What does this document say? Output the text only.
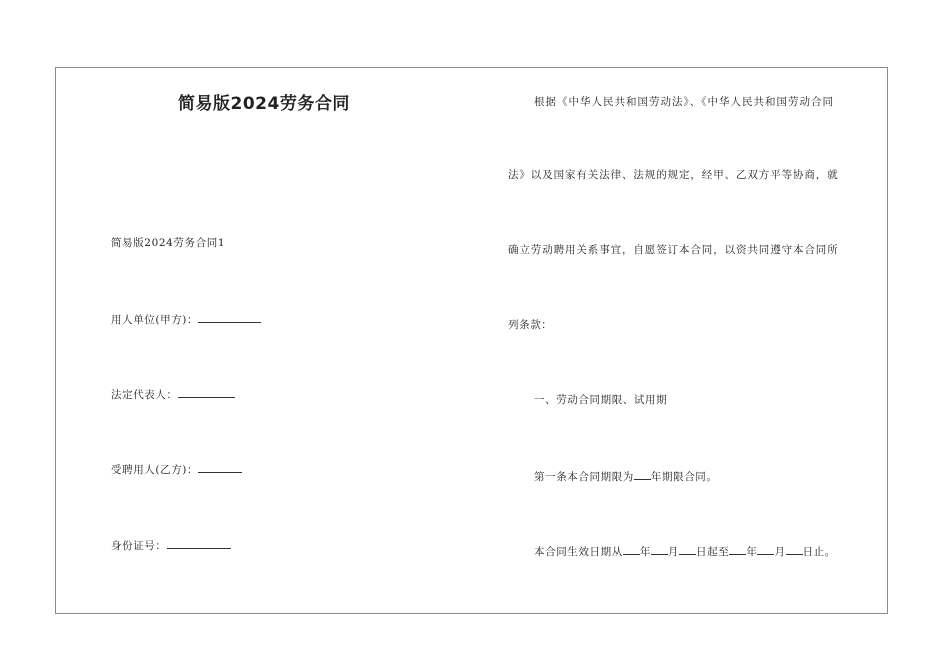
简易版2024劳务合同
简易版2024劳务合同1
用人单位(甲方)：
法定代表人：
受聘用人(乙方)：
身份证号：
根据《中华人民共和国劳动法》、《中华人民共和国劳动合同
法》以及国家有关法律、法规的规定，经甲、乙双方平等协商，就
确立劳动聘用关系事宜，自愿签订本合同，以资共同遵守本合同所
列条款：
一、劳动合同期限、试用期
第一条本合同期限为 年期限合同。
本合同生效日期从 年 月 日起至 年 月 日止。
